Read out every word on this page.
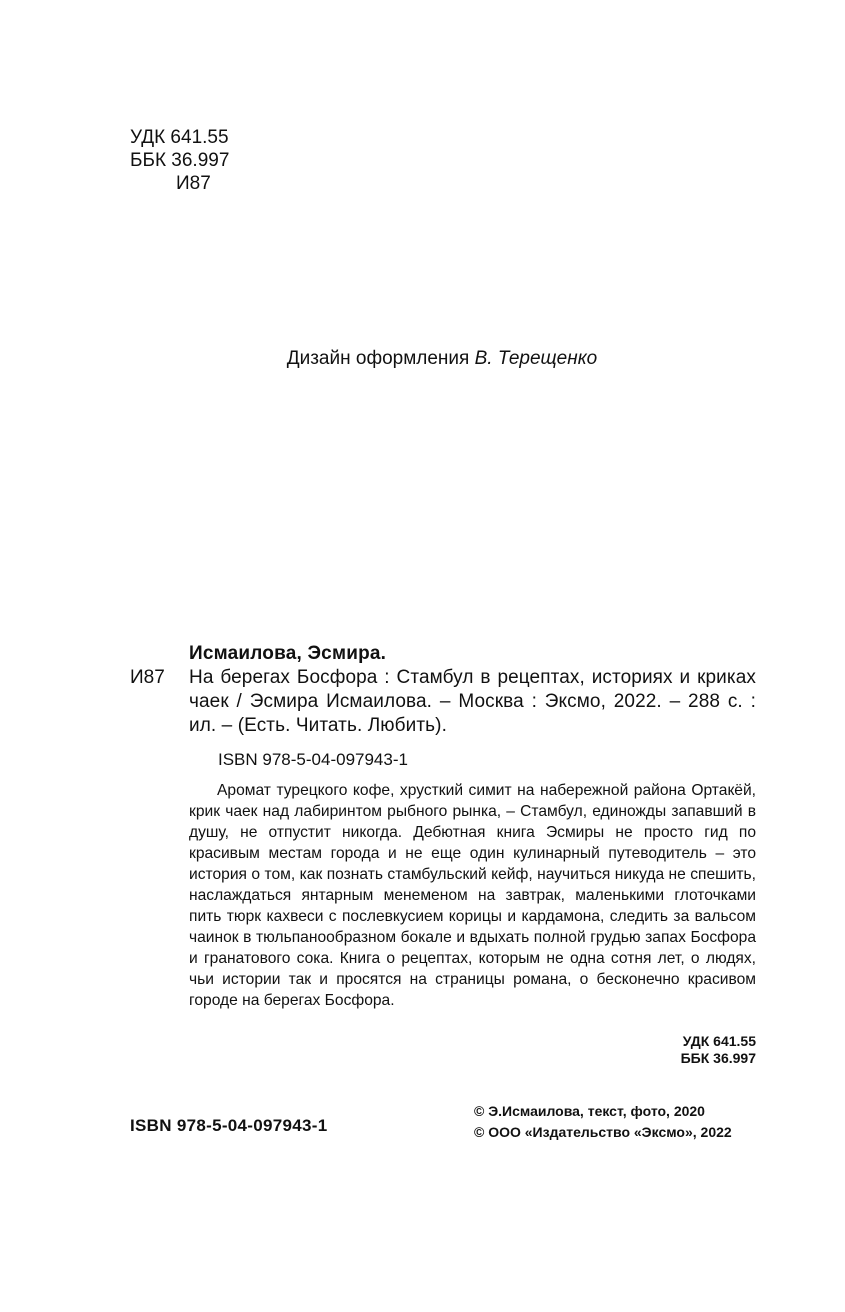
УДК 641.55
ББК 36.997
И87
Дизайн оформления В. Терещенко
Исмаилова, Эсмира.
И87 На берегах Босфора : Стамбул в рецептах, историях и криках чаек / Эсмира Исмаилова. – Москва : Эксмо, 2022. – 288 с. : ил. – (Есть. Читать. Любить).
ISBN 978-5-04-097943-1

Аромат турецкого кофе, хрусткий симит на набережной района Ортакёй, крик чаек над лабиринтом рыбного рынка, – Стамбул, единожды запавший в душу, не отпустит никогда. Дебютная книга Эсмиры не просто гид по красивым местам города и не еще один кулинарный путеводитель – это история о том, как познать стамбульский кейф, научиться никуда не спешить, наслаждаться янтарным менеменом на завтрак, маленькими глоточками пить тюрк кахвеси с послевкусием корицы и кардамона, следить за вальсом чаинок в тюльпанообразном бокале и вдыхать полной грудью запах Босфора и гранатового сока. Книга о рецептах, которым не одна сотня лет, о людях, чьи истории так и просятся на страницы романа, о бесконечно красивом городе на берегах Босфора.

УДК 641.55
ББК 36.997
ISBN 978-5-04-097943-1
© Э.Исмаилова, текст, фото, 2020
© ООО «Издательство «Эксмо», 2022
